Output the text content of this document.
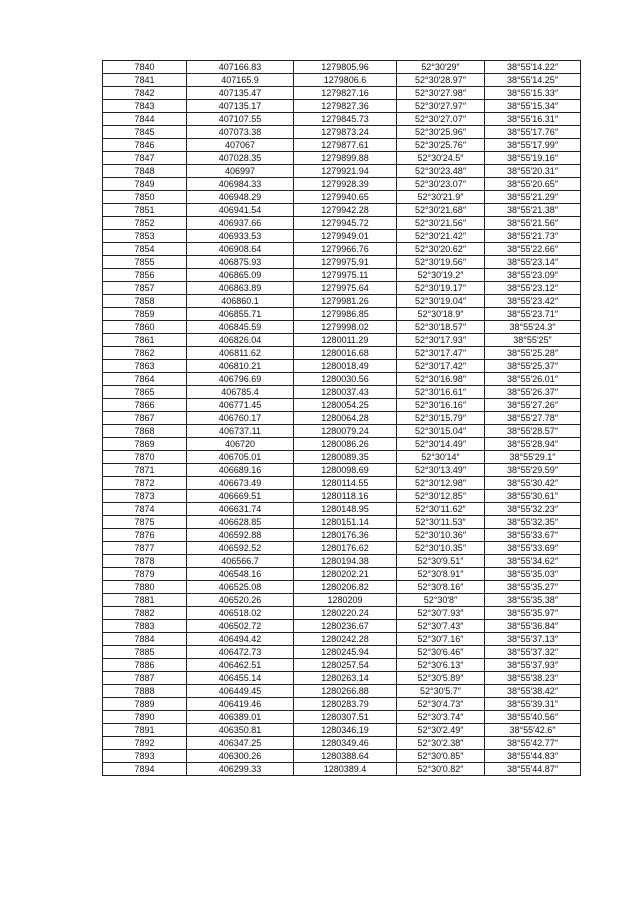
7840	407166.83	1279805.96	52°30′29″	38°55′14.22″
7841	407165.9	1279806.6	52°30′28.97″	38°55′14.25″
7842	407135.47	1279827.16	52°30′27.98″	38°55′15.33″
7843	407135.17	1279827.36	52°30′27.97″	38°55′15.34″
7844	407107.55	1279845.73	52°30′27.07″	38°55′16.31″
7845	407073.38	1279873.24	52°30′25.96″	38°55′17.76″
7846	407067	1279877.61	52°30′25.76″	38°55′17.99″
7847	407028.35	1279899.88	52°30′24.5″	38°55′19.16″
7848	406997	1279921.94	52°30′23.48″	38°55′20.31″
7849	406984.33	1279928.39	52°30′23.07″	38°55′20.65″
7850	406948.29	1279940.65	52°30′21.9″	38°55′21.29″
7851	406941.54	1279942.28	52°30′21.68″	38°55′21.38″
7852	406937.66	1279945.72	52°30′21.56″	38°55′21.56″
7853	406933.53	1279949.01	52°30′21.42″	38°55′21.73″
7854	406908.64	1279966.76	52°30′20.62″	38°55′22.66″
7855	406875.93	1279975.91	52°30′19.56″	38°55′23.14″
7856	406865.09	1279975.11	52°30′19.2″	38°55′23.09″
7857	406863.89	1279975.64	52°30′19.17″	38°55′23.12″
7858	406860.1	1279981.26	52°30′19.04″	38°55′23.42″
7859	406855.71	1279986.85	52°30′18.9″	38°55′23.71″
7860	406845.59	1279998.02	52°30′18.57″	38°55′24.3″
7861	406826.04	1280011.29	52°30′17.93″	38°55′25″
7862	406811.62	1280016.68	52°30′17.47″	38°55′25.28″
7863	406810.21	1280018.49	52°30′17.42″	38°55′25.37″
7864	406796.69	1280030.56	52°30′16.98″	38°55′26.01″
7865	406785.4	1280037.43	52°30′16.61″	38°55′26.37″
7866	406771.45	1280054.25	52°30′16.16″	38°55′27.26″
7867	406760.17	1280064.28	52°30′15.79″	38°55′27.78″
7868	406737.11	1280079.24	52°30′15.04″	38°55′28.57″
7869	406720	1280086.26	52°30′14.49″	38°55′28.94″
7870	406705.01	1280089.35	52°30′14″	38°55′29.1″
7871	406689.16	1280098.69	52°30′13.49″	38°55′29.59″
7872	406673.49	1280114.55	52°30′12.98″	38°55′30.42″
7873	406669.51	1280118.16	52°30′12.85″	38°55′30.61″
7874	406631.74	1280148.95	52°30′11.62″	38°55′32.23″
7875	406628.85	1280151.14	52°30′11.53″	38°55′32.35″
7876	406592.88	1280176.36	52°30′10.36″	38°55′33.67″
7877	406592.52	1280176.62	52°30′10.35″	38°55′33.69″
7878	406566.7	1280194.38	52°30′9.51″	38°55′34.62″
7879	406548.16	1280202.21	52°30′8.91″	38°55′35.03″
7880	406525.08	1280206.82	52°30′8.16″	38°55′35.27″
7881	406520.26	1280209	52°30′8″	38°55′35.38″
7882	406518.02	1280220.24	52°30′7.93″	38°55′35.97″
7883	406502.72	1280236.67	52°30′7.43″	38°55′36.84″
7884	406494.42	1280242.28	52°30′7.16″	38°55′37.13″
7885	406472.73	1280245.94	52°30′6.46″	38°55′37.32″
7886	406462.51	1280257.54	52°30′6.13″	38°55′37.93″
7887	406455.14	1280263.14	52°30′5.89″	38°55′38.23″
7888	406449.45	1280266.88	52°30′5.7″	38°55′38.42″
7889	406419.46	1280283.79	52°30′4.73″	38°55′39.31″
7890	406389.01	1280307.51	52°30′3.74″	38°55′40.56″
7891	406350.81	1280346.19	52°30′2.49″	38°55′42.6″
7892	406347.25	1280349.46	52°30′2.38″	38°55′42.77″
7893	406300.26	1280388.64	52°30′0.85″	38°55′44.83″
7894	406299.33	1280389.4	52°30′0.82″	38°55′44.87″
